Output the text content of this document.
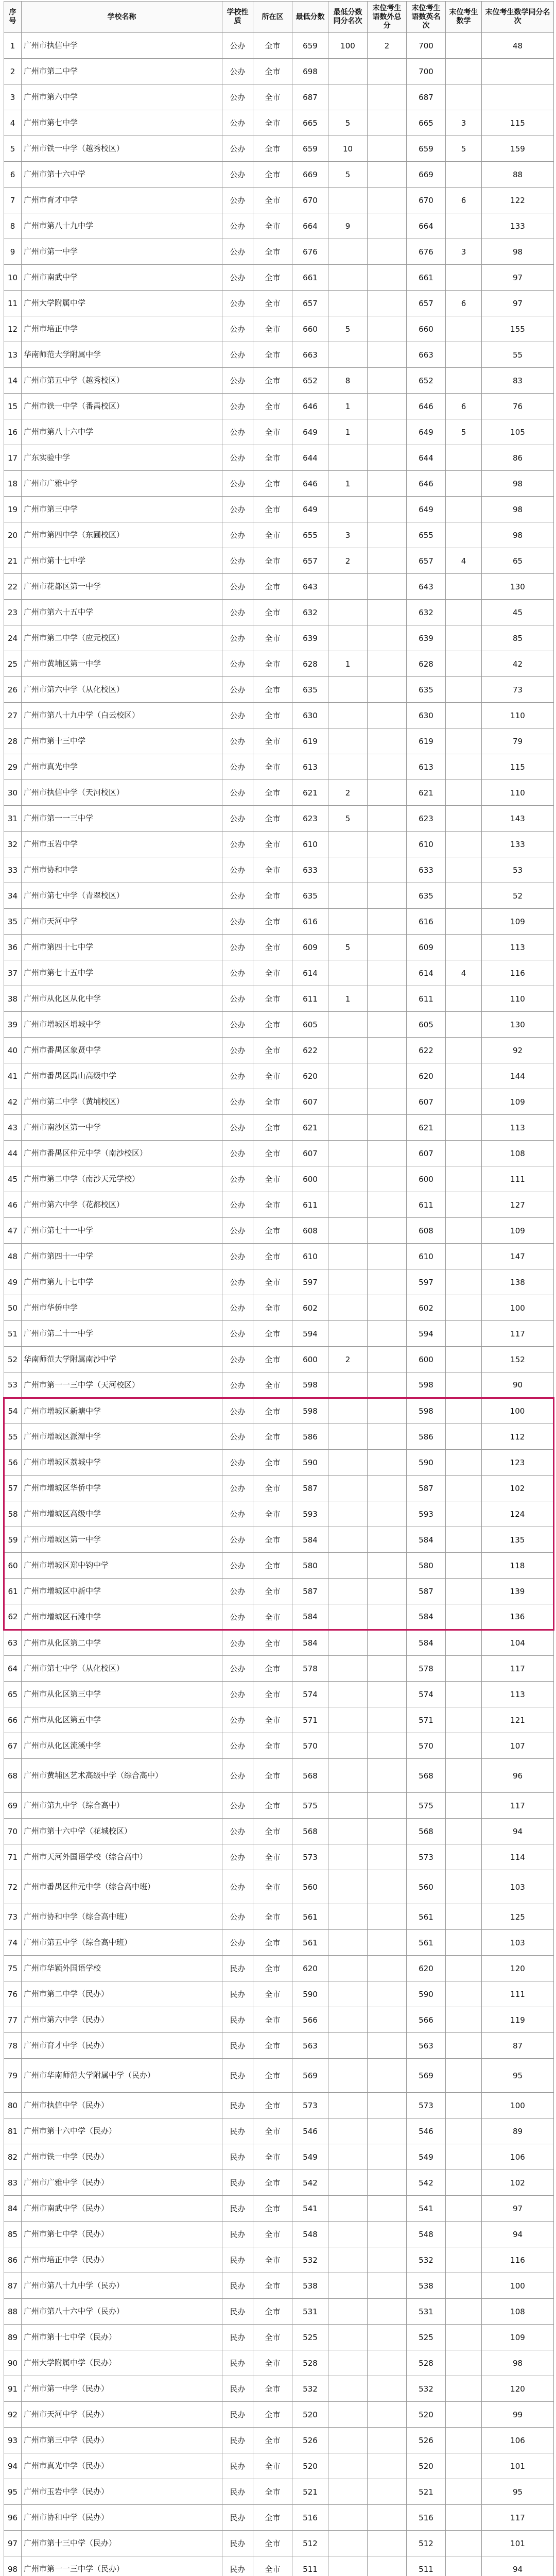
序号	学校名称	学校性质	所在区	最低分数	最低分数同分名次	末位考生语数外总分	末位考生语数英名次	末位考生数学	末位考生数学同分名次
1	广州市执信中学	公办	全市	659	100	2	700		48
2	广州市第二中学	公办	全市	698			700		
3	广州市第六中学	公办	全市	687			687		
4	广州市第七中学	公办	全市	665	5		665	3	115
5	广州市铁一中学（越秀校区）	公办	全市	659	10		659	5	159
6	广州市第十六中学	公办	全市	669	5		669		88
7	广州市育才中学	公办	全市	670			670	6	122
8	广州市第八十九中学	公办	全市	664	9		664		133
9	广州市第一中学	公办	全市	676			676	3	98
10	广州市南武中学	公办	全市	661			661		97
11	广州大学附属中学	公办	全市	657			657	6	97
12	广州市培正中学	公办	全市	660	5		660		155
13	华南师范大学附属中学	公办	全市	663			663		55
14	广州市第五中学（越秀校区）	公办	全市	652	8		652		83
15	广州市铁一中学（番禺校区）	公办	全市	646	1		646	6	76
16	广州市第八十六中学	公办	全市	649	1		649	5	105
17	广东实验中学	公办	全市	644			644		86
18	广州市广雅中学	公办	全市	646	1		646		98
19	广州市第三中学	公办	全市	649			649		98
20	广州市第四中学（东圃校区）	公办	全市	655	3		655		98
21	广州市第十七中学	公办	全市	657	2		657	4	65
22	广州市花都区第一中学	公办	全市	643			643		130
23	广州市第六十五中学	公办	全市	632			632		45
24	广州市第二中学（应元校区）	公办	全市	639			639		85
25	广州市黄埔区第一中学	公办	全市	628	1		628		42
26	广州市第六中学（从化校区）	公办	全市	635			635		73
27	广州市第八十九中学（白云校区）	公办	全市	630			630		110
28	广州市第十三中学	公办	全市	619			619		79
29	广州市真光中学	公办	全市	613			613		115
30	广州市执信中学（天河校区）	公办	全市	621	2		621		110
31	广州市第一一三中学	公办	全市	623	5		623		143
32	广州市玉岩中学	公办	全市	610			610		133
33	广州市协和中学	公办	全市	633			633		53
34	广州市第七中学（青翠校区）	公办	全市	635			635		52
35	广州市天河中学	公办	全市	616			616		109
36	广州市第四十七中学	公办	全市	609	5		609		113
37	广州市第七十五中学	公办	全市	614			614	4	116
38	广州市从化区从化中学	公办	全市	611	1		611		110
39	广州市增城区增城中学	公办	全市	605			605		130
40	广州市番禺区象贤中学	公办	全市	622			622		92
41	广州市番禺区禺山高级中学	公办	全市	620			620		144
42	广州市第二中学（黄埔校区）	公办	全市	607			607		109
43	广州市南沙区第一中学	公办	全市	621			621		113
44	广州市番禺区仲元中学（南沙校区）	公办	全市	607			607		108
45	广州市第二中学（南沙天元学校）	公办	全市	600			600		111
46	广州市第六中学（花都校区）	公办	全市	611			611		127
47	广州市第七十一中学	公办	全市	608			608		109
48	广州市第四十一中学	公办	全市	610			610		147
49	广州市第九十七中学	公办	全市	597			597		138
50	广州市华侨中学	公办	全市	602			602		100
51	广州市第二十一中学	公办	全市	594			594		117
52	华南师范大学附属南沙中学	公办	全市	600	2		600		152
53	广州市第一一三中学（天河校区）	公办	全市	598			598		90
54	广州市增城区新塘中学	公办	全市	598			598		100
55	广州市增城区派潭中学	公办	全市	586			586		112
56	广州市增城区荔城中学	公办	全市	590			590		123
57	广州市增城区华侨中学	公办	全市	587			587		102
58	广州市增城区高级中学	公办	全市	593			593		124
59	广州市增城区第一中学	公办	全市	584			584		135
60	广州市增城区郑中钧中学	公办	全市	580			580		118
61	广州市增城区中新中学	公办	全市	587			587		139
62	广州市增城区石滩中学	公办	全市	584			584		136
63	广州市从化区第二中学	公办	全市	584			584		104
64	广州市第七中学（从化校区）	公办	全市	578			578		117
65	广州市从化区第三中学	公办	全市	574			574		113
66	广州市从化区第五中学	公办	全市	571			571		121
67	广州市从化区流溪中学	公办	全市	570			570		107
68	广州市黄埔区艺术高级中学（综合高中）	公办	全市	568			568		96
69	广州市第九中学（综合高中）	公办	全市	575			575		117
70	广州市第十六中学（花城校区）	公办	全市	568			568		94
71	广州市天河外国语学校（综合高中）	公办	全市	573			573		114
72	广州市番禺区仲元中学（综合高中班）	公办	全市	560			560		103
73	广州市协和中学（综合高中班）	公办	全市	561			561		125
74	广州市第五中学（综合高中班）	公办	全市	561			561		103
75	广州市华颖外国语学校	民办	全市	620			620		120
76	广州市第二中学（民办）	民办	全市	590			590		111
77	广州市第六中学（民办）	民办	全市	566			566		119
78	广州市育才中学（民办）	民办	全市	563			563		87
79	广州市华南师范大学附属中学（民办）	民办	全市	569			569		95
80	广州市执信中学（民办）	民办	全市	573			573		100
81	广州市第十六中学（民办）	民办	全市	546			546		89
82	广州市铁一中学（民办）	民办	全市	549			549		106
83	广州市广雅中学（民办）	民办	全市	542			542		102
84	广州市南武中学（民办）	民办	全市	541			541		97
85	广州市第七中学（民办）	民办	全市	548			548		94
86	广州市培正中学（民办）	民办	全市	532			532		116
87	广州市第八十九中学（民办）	民办	全市	538			538		100
88	广州市第八十六中学（民办）	民办	全市	531			531		108
89	广州市第十七中学（民办）	民办	全市	525			525		109
90	广州大学附属中学（民办）	民办	全市	528			528		98
91	广州市第一中学（民办）	民办	全市	532			532		120
92	广州市天河中学（民办）	民办	全市	520			520		99
93	广州市第三中学（民办）	民办	全市	526			526		106
94	广州市真光中学（民办）	民办	全市	520			520		101
95	广州市玉岩中学（民办）	民办	全市	521			521		95
96	广州市协和中学（民办）	民办	全市	516			516		117
97	广州市第十三中学（民办）	民办	全市	512			512		101
98	广州市第一一三中学（民办）	民办	全市	511			511		94
